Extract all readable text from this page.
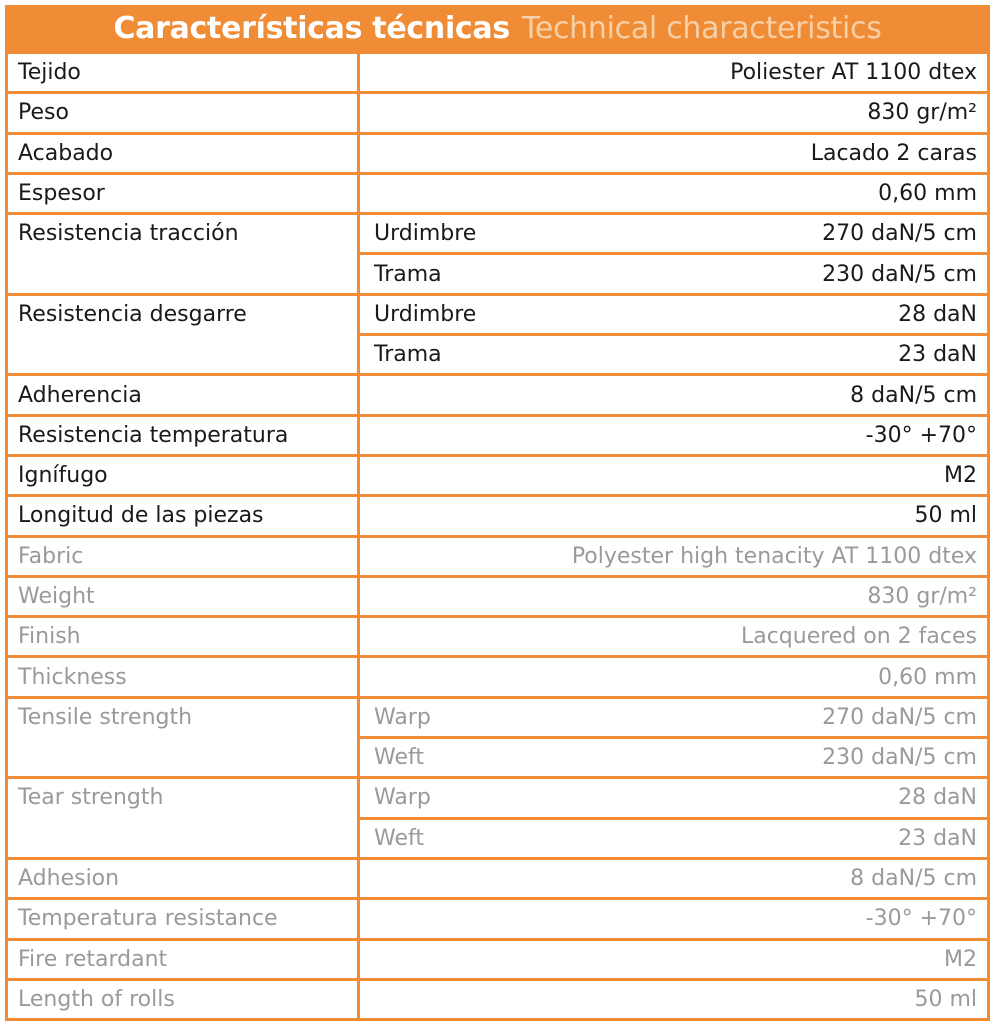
Características técnicas Technical characteristics
Tejido		Poliester AT 1100 dtex
Peso		830 gr/m²
Acabado		Lacado 2 caras
Espesor		0,60 mm
Resistencia tracción	Urdimbre	270 daN/5 cm
	Trama	230 daN/5 cm
Resistencia desgarre	Urdimbre	28 daN
	Trama	23 daN
Adherencia		8 daN/5 cm
Resistencia temperatura		-30° +70°
Ignífugo		M2
Longitud de las piezas		50 ml
Fabric		Polyester high tenacity AT 1100 dtex
Weight		830 gr/m²
Finish		Lacquered on 2 faces
Thickness		0,60 mm
Tensile strength	Warp	270 daN/5 cm
	Weft	230 daN/5 cm
Tear strength	Warp	28 daN
	Weft	23 daN
Adhesion		8 daN/5 cm
Temperatura resistance		-30° +70°
Fire retardant		M2
Length of rolls		50 ml
